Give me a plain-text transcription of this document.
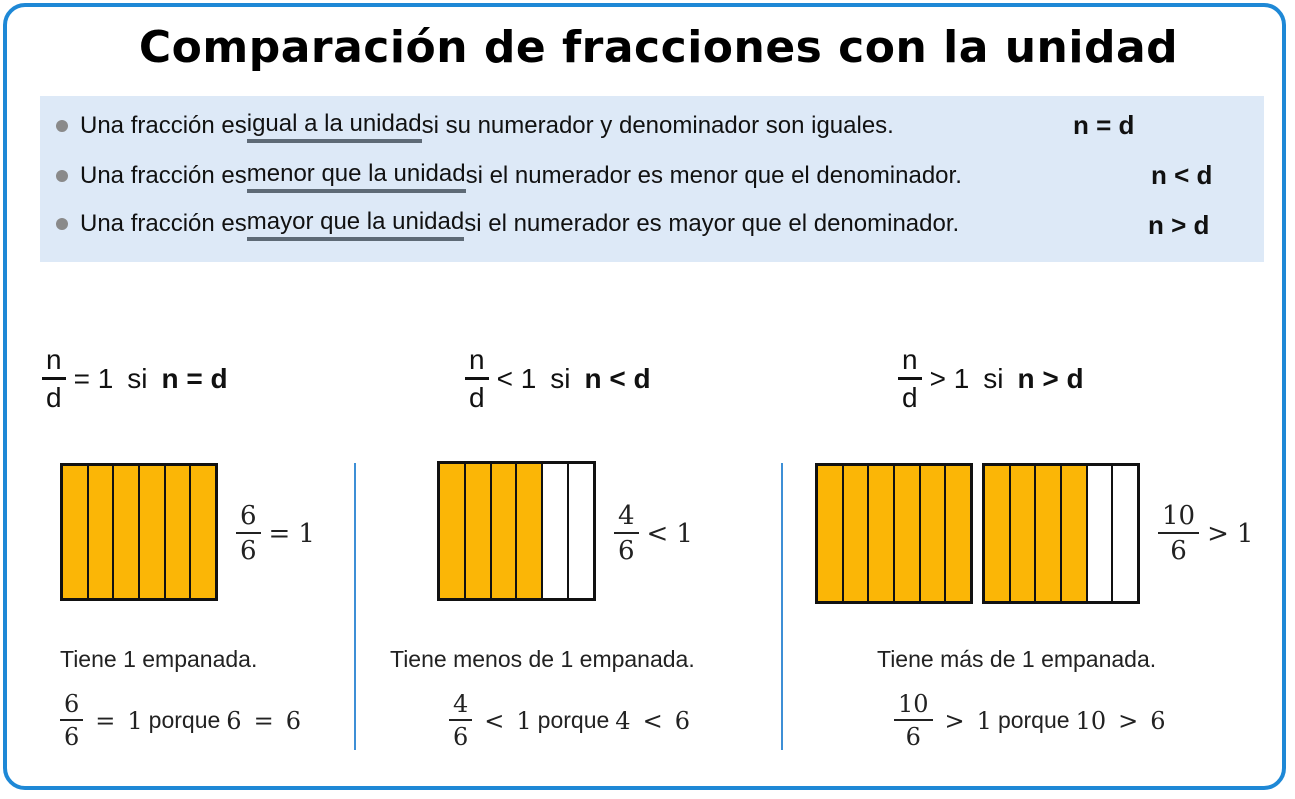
Comparación de fracciones con la unidad
Una fracción es igual a la unidad si su numerador y denominador son iguales.	n = d
Una fracción es menor que la unidad si el numerador es menor que el denominador.	n < d
Una fracción es mayor que la unidad si el numerador es mayor que el denominador.	n > d
$\frac{n}{d} = 1$ si n = d
$\frac{6}{6} = 1$
Tiene 1 empanada.
$\frac{6}{6} = 1$ porque 6 = 6
$\frac{n}{d} < 1$ si n < d
$\frac{4}{6} < 1$
Tiene menos de 1 empanada.
$\frac{4}{6} < 1$ porque 4 < 6
$\frac{n}{d} > 1$ si n > d
$\frac{10}{6} > 1$
Tiene más de 1 empanada.
$\frac{10}{6} > 1$ porque 10 > 6
